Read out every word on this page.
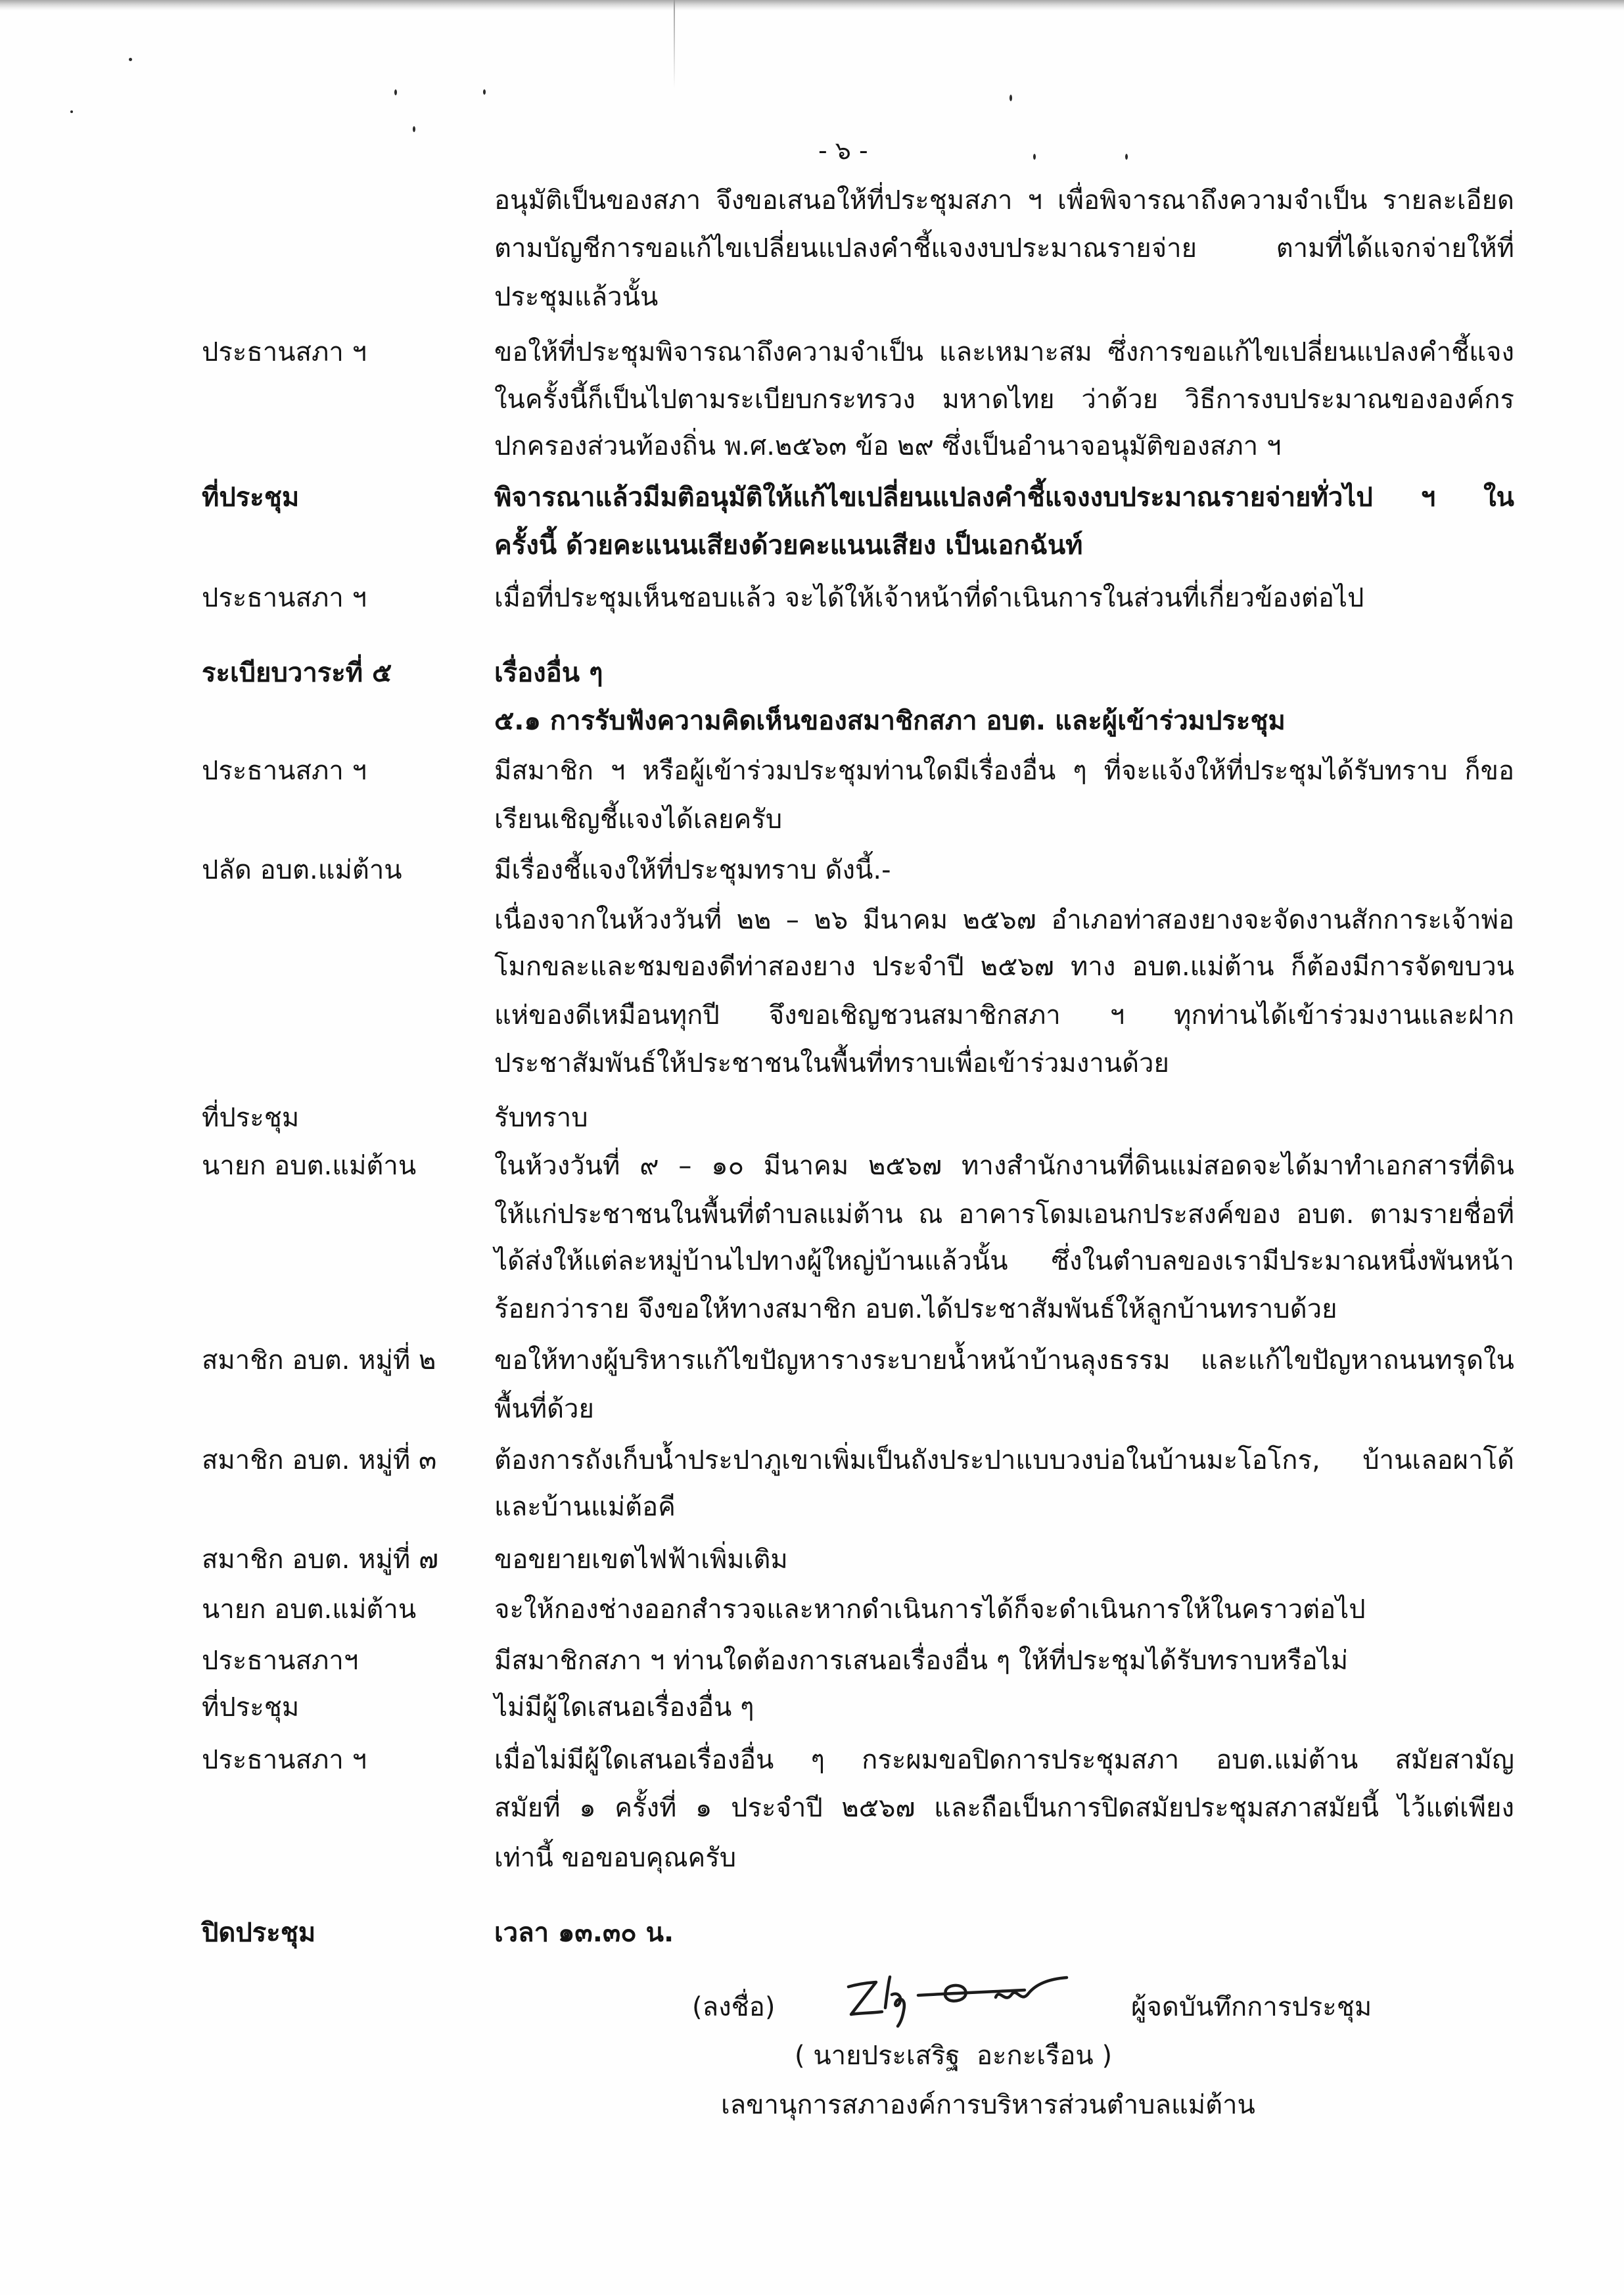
- ๖ -
อนุมัติเป็นของสภา จึงขอเสนอให้ที่ประชุมสภา ฯ เพื่อพิจารณาถึงความจำเป็น รายละเอียด
ตามบัญชีการขอแก้ไขเปลี่ยนแปลงคำชี้แจงงบประมาณรายจ่าย ตามที่ได้แจกจ่ายให้ที่
ประชุมแล้วนั้น
ประธานสภา ฯ	ขอให้ที่ประชุมพิจารณาถึงความจำเป็น และเหมาะสม ซึ่งการขอแก้ไขเปลี่ยนแปลงคำชี้แจง
ในครั้งนี้ก็เป็นไปตามระเบียบกระทรวง มหาดไทย ว่าด้วย วิธีการงบประมาณขององค์กร
ปกครองส่วนท้องถิ่น พ.ศ.๒๕๖๓ ข้อ ๒๙ ซึ่งเป็นอำนาจอนุมัติของสภา ฯ
ที่ประชุม	พิจารณาแล้วมีมติอนุมัติให้แก้ไขเปลี่ยนแปลงคำชี้แจงงบประมาณรายจ่ายทั่วไป ฯ ใน
ครั้งนี้ ด้วยคะแนนเสียงด้วยคะแนนเสียง เป็นเอกฉันท์
ประธานสภา ฯ	เมื่อที่ประชุมเห็นชอบแล้ว จะได้ให้เจ้าหน้าที่ดำเนินการในส่วนที่เกี่ยวข้องต่อไป
ระเบียบวาระที่ ๕	เรื่องอื่น ๆ
๕.๑ การรับฟังความคิดเห็นของสมาชิกสภา อบต. และผู้เข้าร่วมประชุม
ประธานสภา ฯ	มีสมาชิก ฯ หรือผู้เข้าร่วมประชุมท่านใดมีเรื่องอื่น ๆ ที่จะแจ้งให้ที่ประชุมได้รับทราบ ก็ขอ
เรียนเชิญชี้แจงได้เลยครับ
ปลัด อบต.แม่ต้าน	มีเรื่องชี้แจงให้ที่ประชุมทราบ ดังนี้.-
เนื่องจากในห้วงวันที่ ๒๒ – ๒๖ มีนาคม ๒๕๖๗ อำเภอท่าสองยางจะจัดงานสักการะเจ้าพ่อ
โมกขละและชมของดีท่าสองยาง ประจำปี ๒๕๖๗ ทาง อบต.แม่ต้าน ก็ต้องมีการจัดขบวน
แห่ของดีเหมือนทุกปี จึงขอเชิญชวนสมาชิกสภา ฯ ทุกท่านได้เข้าร่วมงานและฝาก
ประชาสัมพันธ์ให้ประชาชนในพื้นที่ทราบเพื่อเข้าร่วมงานด้วย
ที่ประชุม	รับทราบ
นายก อบต.แม่ต้าน	ในห้วงวันที่ ๙ – ๑๐ มีนาคม ๒๕๖๗ ทางสำนักงานที่ดินแม่สอดจะได้มาทำเอกสารที่ดิน
ให้แก่ประชาชนในพื้นที่ตำบลแม่ต้าน ณ อาคารโดมเอนกประสงค์ของ อบต. ตามรายชื่อที่
ได้ส่งให้แต่ละหมู่บ้านไปทางผู้ใหญ่บ้านแล้วนั้น ซึ่งในตำบลของเรามีประมาณหนึ่งพันหน้า
ร้อยกว่าราย จึงขอให้ทางสมาชิก อบต.ได้ประชาสัมพันธ์ให้ลูกบ้านทราบด้วย
สมาชิก อบต. หมู่ที่ ๒	ขอให้ทางผู้บริหารแก้ไขปัญหารางระบายน้ำหน้าบ้านลุงธรรม และแก้ไขปัญหาถนนทรุดใน
พื้นที่ด้วย
สมาชิก อบต. หมู่ที่ ๓	ต้องการถังเก็บน้ำประปาภูเขาเพิ่มเป็นถังประปาแบบวงบ่อในบ้านมะโอโกร, บ้านเลอผาโด้
และบ้านแม่ต้อคี
สมาชิก อบต. หมู่ที่ ๗	ขอขยายเขตไฟฟ้าเพิ่มเติม
นายก อบต.แม่ต้าน	จะให้กองช่างออกสำรวจและหากดำเนินการได้ก็จะดำเนินการให้ในคราวต่อไป
ประธานสภาฯ	มีสมาชิกสภา ฯ ท่านใดต้องการเสนอเรื่องอื่น ๆ ให้ที่ประชุมได้รับทราบหรือไม่
ที่ประชุม	ไม่มีผู้ใดเสนอเรื่องอื่น ๆ
ประธานสภา ฯ	เมื่อไม่มีผู้ใดเสนอเรื่องอื่น ๆ กระผมขอปิดการประชุมสภา อบต.แม่ต้าน สมัยสามัญ
สมัยที่ ๑ ครั้งที่ ๑ ประจำปี ๒๕๖๗ และถือเป็นการปิดสมัยประชุมสภาสมัยนี้ ไว้แต่เพียง
เท่านี้ ขอขอบคุณครับ
ปิดประชุม	เวลา ๑๓.๓๐ น.
(ลงชื่อ)	ผู้จดบันทึกการประชุม
( นายประเสริฐ  อะกะเรือน )
เลขานุการสภาองค์การบริหารส่วนตำบลแม่ต้าน
